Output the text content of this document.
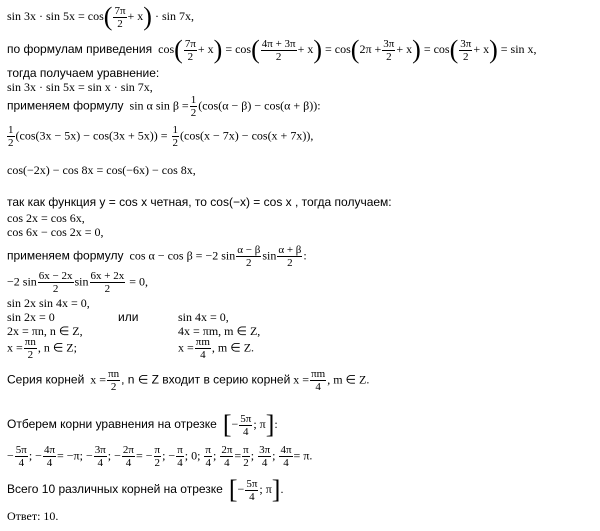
$\sin 3x \cdot \sin 5x = \cos( \frac{7\pi}{2} + x) \cdot \sin 7x$,
по формулам приведения $\cos( \frac{7\pi}{2} + x) = \cos( \frac{4\pi + 3\pi}{2} + x) = \cos(2\pi + \frac{3\pi}{2} + x) = \cos( \frac{3\pi}{2} + x) = \sin x$,
тогда получаем уравнение:
sin 3x · sin 5x = sin x · sin 7x,
применяем формулу sin α $\sin \beta = \frac{1}{2} (\cos(\alpha - \beta) - \cos(\alpha + \beta))$:
$\frac{1}{2} (\cos(3x - 5x) - \cos(3x + 5x)) = \frac{1}{2} (\cos(x - 7x) - \cos(x + 7x))$,
cos(−2x) − cos 8x = cos(−6x) − cos 8x,
так как функция y = cos x четная, то cos(−x) = cos x , тогда получаем:
cos 2x = cos 6x,
cos 6x − cos 2x = 0,
применяем формулу cos α − cos β = −2 $\sin \frac{\alpha - \beta}{2}$ $\sin \frac{\alpha + \beta}{2}$ :
−2 $\sin \frac{6x - 2x}{2}$ $\sin \frac{6x + 2x}{2} = 0$,
sin 2x sin 4x = 0,
sin 2x = 0	или	sin 4x = 0,
2x = πn, n ∈ Z,	4x = πm, m ∈ Z,
$x = \frac{\pi n}{2}$ , n ∈ Z;	$x = \frac{\pi m}{4}$ , m ∈ Z.
Серия корней $x = \frac{\pi n}{2}$ , n ∈ Z входит в серию корней $x = \frac{\pi m}{4}$ , m ∈ Z.
Отберем корни уравнения на отрезке [− $\frac{5\pi}{4}$ ; π]:
− $\frac{5\pi}{4}$ ; − $\frac{4\pi}{4} = -\pi$; − $\frac{3\pi}{4}$ ; − $\frac{2\pi}{4}$ = − $\frac{\pi}{2}$ ; − $\frac{\pi}{4}$ ; 0; $\frac{\pi}{4}$ ; $\frac{2\pi}{4} = \frac{\pi}{2}$ ; $\frac{3\pi}{4}$ ; $\frac{4\pi}{4} = \pi$.
Всего 10 различных корней на отрезке [− $\frac{5\pi}{4}$ ; π].
Ответ: 10.
